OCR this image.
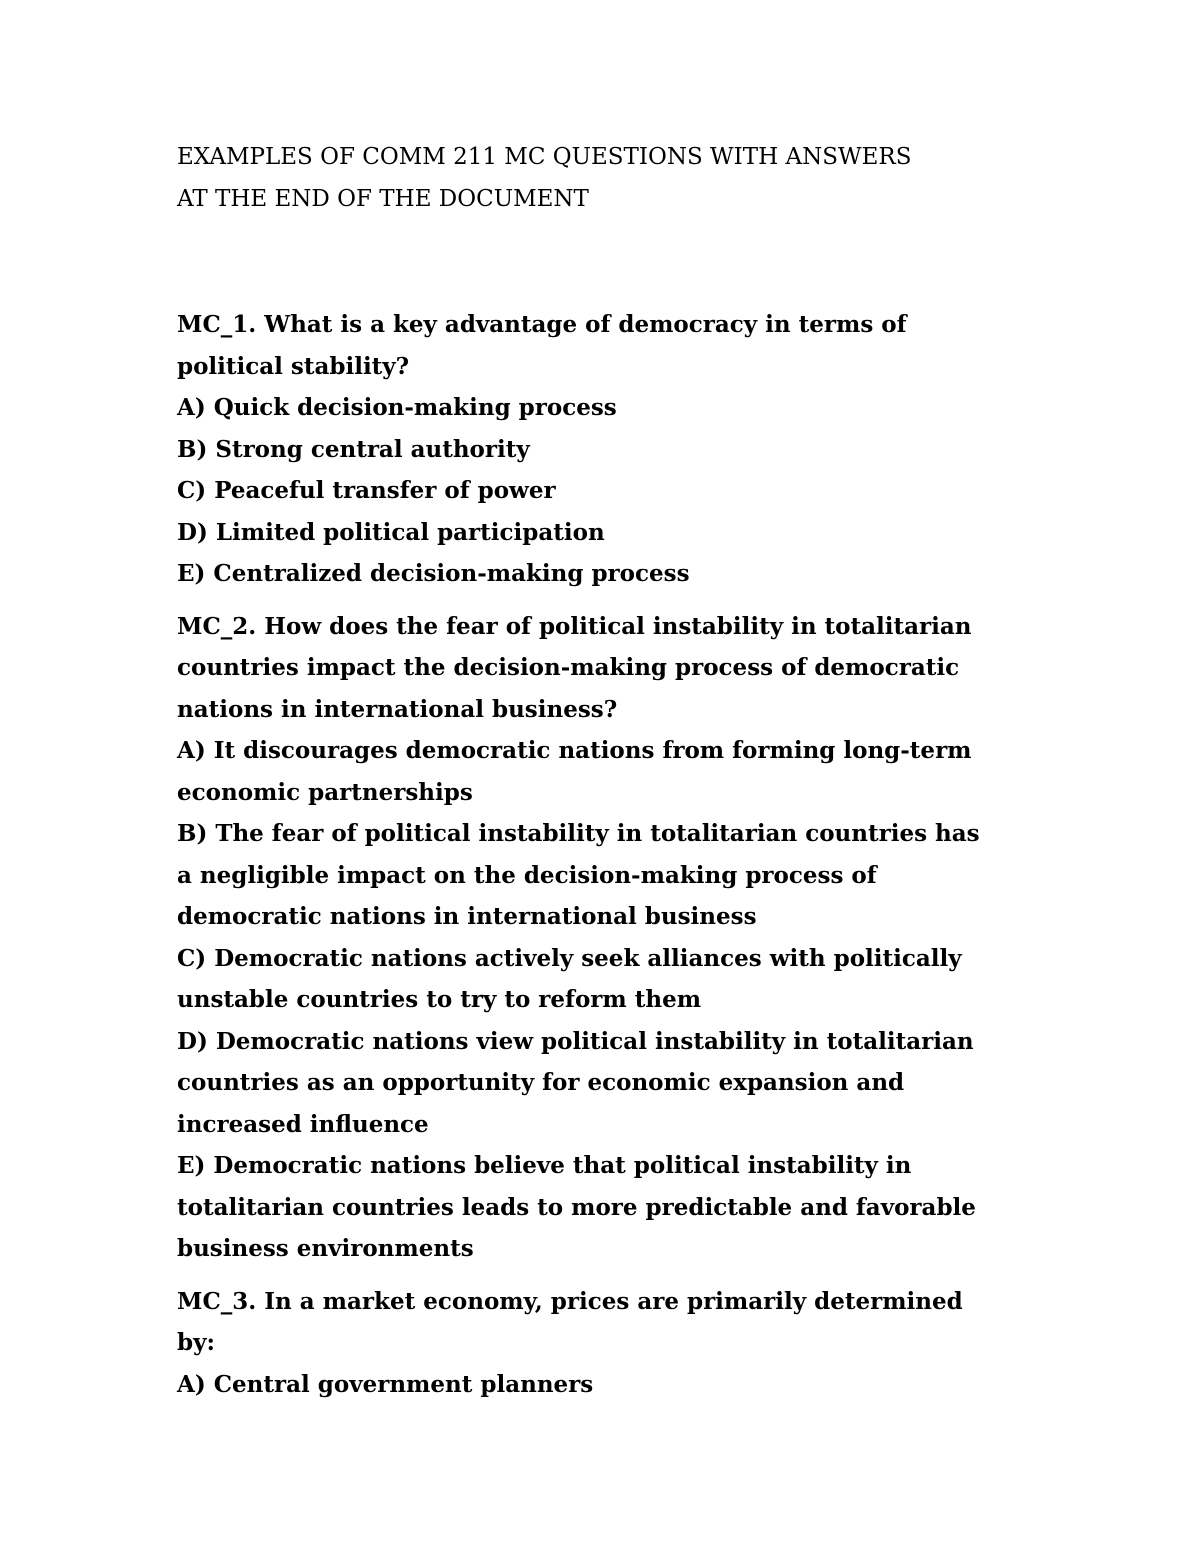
EXAMPLES OF COMM 211 MC QUESTIONS WITH ANSWERS

AT THE END OF THE DOCUMENT

MC_1. What is a key advantage of democracy in terms of
political stability?
A) Quick decision-making process
B) Strong central authority
C) Peaceful transfer of power
D) Limited political participation
E) Centralized decision-making process
MC_2. How does the fear of political instability in totalitarian
countries impact the decision-making process of democratic
nations in international business?
A) It discourages democratic nations from forming long-term
economic partnerships
B) The fear of political instability in totalitarian countries has
a negligible impact on the decision-making process of
democratic nations in international business
C) Democratic nations actively seek alliances with politically
unstable countries to try to reform them
D) Democratic nations view political instability in totalitarian
countries as an opportunity for economic expansion and
increased influence
E) Democratic nations believe that political instability in
totalitarian countries leads to more predictable and favorable
business environments
MC_3. In a market economy, prices are primarily determined
by:
A) Central government planners
